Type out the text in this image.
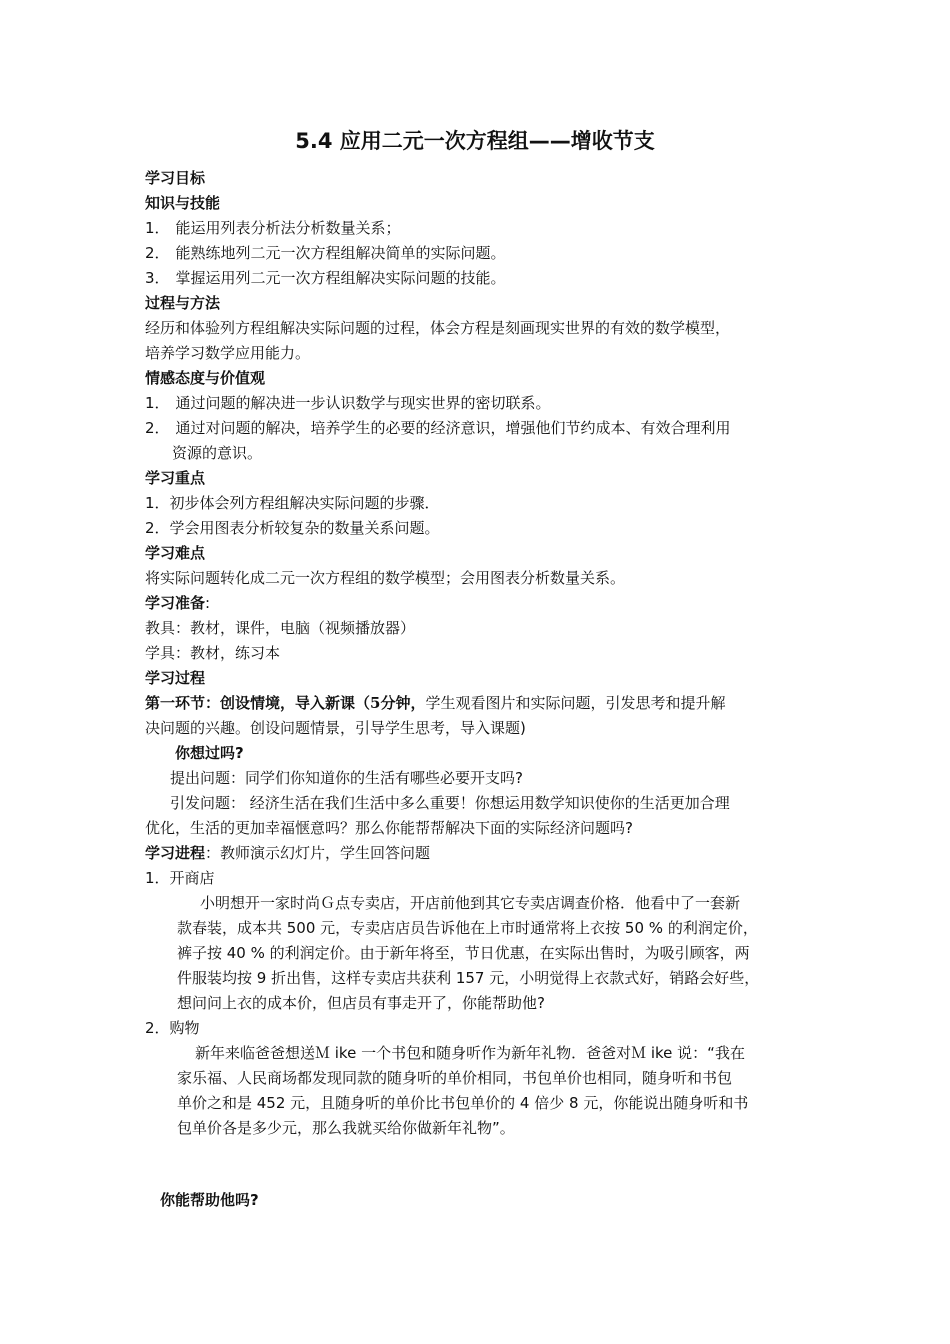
5.4 应用二元一次方程组——增收节支
学习目标
知识与技能
1． 能运用列表分析法分析数量关系；
2． 能熟练地列二元一次方程组解决简单的实际问题。
3． 掌握运用列二元一次方程组解决实际问题的技能。
过程与方法
经历和体验列方程组解决实际问题的过程，体会方程是刻画现实世界的有效的数学模型，
培养学习数学应用能力。
情感态度与价值观
1． 通过问题的解决进一步认识数学与现实世界的密切联系。
2． 通过对问题的解决，培养学生的必要的经济意识，增强他们节约成本、有效合理利用
资源的意识。
学习重点
1．初步体会列方程组解决实际问题的步骤．
2．学会用图表分析较复杂的数量关系问题。
学习难点
将实际问题转化成二元一次方程组的数学模型；会用图表分析数量关系。
学习准备:
教具：教材，课件，电脑（视频播放器）
学具：教材，练习本
学习过程
第一环节：创设情境，导入新课（5分钟，学生观看图片和实际问题，引发思考和提升解
决问题的兴趣。创设问题情景，引导学生思考，导入课题)
你想过吗?
提出问题：同学们你知道你的生活有哪些必要开支吗?
引发问题： 经济生活在我们生活中多么重要！你想运用数学知识使你的生活更加合理
优化，生活的更加幸福惬意吗？那么你能帮帮解决下面的实际经济问题吗?
学习进程：教师演示幻灯片，学生回答问题
1．开商店
小明想开一家时尚Ｇ点专卖店，开店前他到其它专卖店调查价格．他看中了一套新
款春装，成本共 500 元，专卖店店员告诉他在上市时通常将上衣按 50 % 的利润定价，
裤子按 40 % 的利润定价。由于新年将至，节日优惠，在实际出售时，为吸引顾客，两
件服装均按 9 折出售，这样专卖店共获利 157 元，小明觉得上衣款式好，销路会好些，
想问问上衣的成本价，但店员有事走开了，你能帮助他?
2．购物
新年来临爸爸想送Ｍ ike 一个书包和随身听作为新年礼物．爸爸对Ｍ ike 说：“我在
家乐福、人民商场都发现同款的随身听的单价相同，书包单价也相同，随身听和书包
单价之和是 452 元，且随身听的单价比书包单价的 4 倍少 8 元，你能说出随身听和书
包单价各是多少元，那么我就买给你做新年礼物”。
你能帮助他吗?
